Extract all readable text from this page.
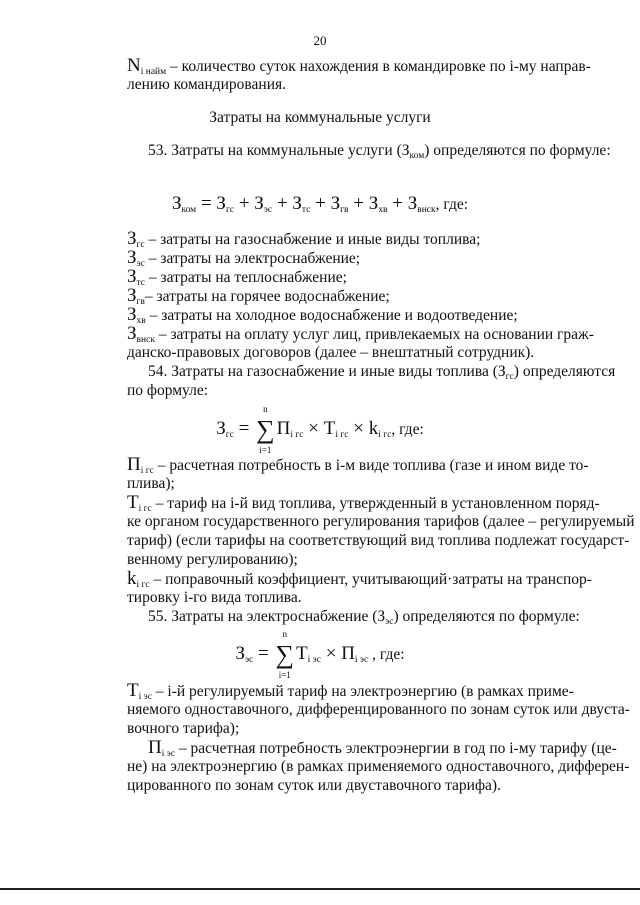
20
$N_{i найм}$ – количество суток нахождения в командировке по i-му направ-
лению командирования.
Затраты на коммунальные услуги
53. Затраты на коммунальные услуги $(З_{ком})$ определяются по формуле:
$З_{ком} = З_{гс} + З_{эс} + З_{тс} + З_{гв} + З_{хв} + З_{внск}$, где:
$З_{гс}$ – затраты на газоснабжение и иные виды топлива;
$З_{эс}$ – затраты на электроснабжение;
$З_{тс}$ – затраты на теплоснабжение;
$З_{гв}-$ затраты на горячее водоснабжение;
$З_{хв}$ – затраты на холодное водоснабжение и водоотведение;
$З_{внск}$ – затраты на оплату услуг лиц, привлекаемых на основании граж-
данско-правовых договоров (далее – внештатный сотрудник).
54. Затраты на газоснабжение и иные виды топлива $(З_{гс})$ определяются
по формуле:
$З_{гс}$ =
n
∑
i=1
$П_{i гс} \times Т_{i гс} \times k_{i гс}$, где:
$П_{i гс}$ – расчетная потребность в i-м виде топлива (газе и ином виде то-
плива);
$Т_{i гс}$ – тариф на i-й вид топлива, утвержденный в установленном поряд-
ке органом государственного регулирования тарифов (далее – регулируемый
тариф) (если тарифы на соответствующий вид топлива подлежат государст-
венному регулированию);
$k_{i гс}$ – поправочный коэффициент, учитывающий·затраты на транспор-
тировку i-го вида топлива.
55. Затраты на электроснабжение $(З_{эс})$ определяются по формуле:
$З_{эс}$ =
n
∑
i=1
$Т_{i эс} \times П_{i эс}$ , где:
$Т_{i эс} - i-й$ регулируемый тариф на электроэнергию (в рамках приме-
няемого одноставочного, дифференцированного по зонам суток или двуста-
вочного тарифа);
$П_{i эс}$ – расчетная потребность электроэнергии в год по i-му тарифу (це-
не) на электроэнергию (в рамках применяемого одноставочного, дифферен-
цированного по зонам суток или двуставочного тарифа).
